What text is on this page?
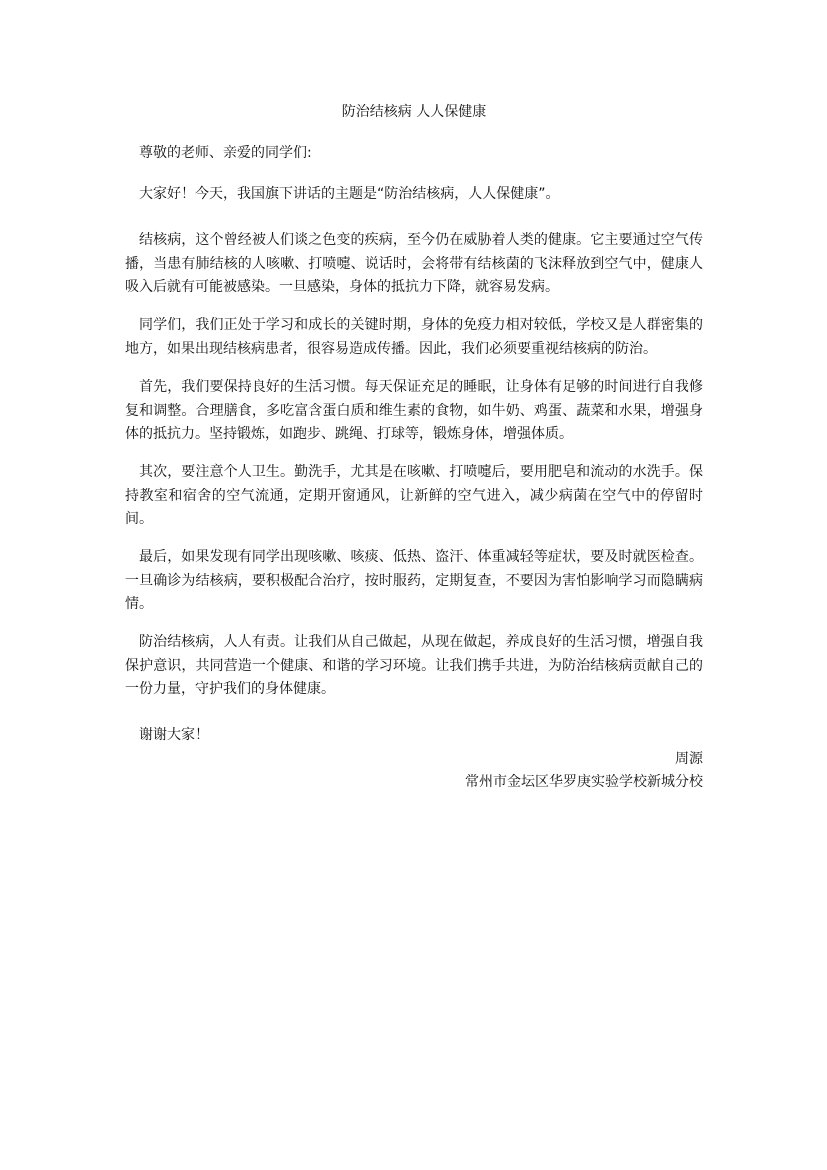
防治结核病 人人保健康

尊敬的老师、亲爱的同学们:

大家好！今天，我国旗下讲话的主题是“防治结核病，人人保健康”。

结核病，这个曾经被人们谈之色变的疾病，至今仍在威胁着人类的健康。它主要通过空气传播，当患有肺结核的人咳嗽、打喷嚏、说话时，会将带有结核菌的飞沫释放到空气中，健康人吸入后就有可能被感染。一旦感染，身体的抵抗力下降，就容易发病。

同学们，我们正处于学习和成长的关键时期，身体的免疫力相对较低，学校又是人群密集的地方，如果出现结核病患者，很容易造成传播。因此，我们必须要重视结核病的防治。

首先，我们要保持良好的生活习惯。每天保证充足的睡眠，让身体有足够的时间进行自我修复和调整。合理膳食，多吃富含蛋白质和维生素的食物，如牛奶、鸡蛋、蔬菜和水果，增强身体的抵抗力。坚持锻炼，如跑步、跳绳、打球等，锻炼身体，增强体质。

其次，要注意个人卫生。勤洗手，尤其是在咳嗽、打喷嚏后，要用肥皂和流动的水洗手。保持教室和宿舍的空气流通，定期开窗通风，让新鲜的空气进入，减少病菌在空气中的停留时间。

最后，如果发现有同学出现咳嗽、咳痰、低热、盗汗、体重减轻等症状，要及时就医检查。一旦确诊为结核病，要积极配合治疗，按时服药，定期复查，不要因为害怕影响学习而隐瞒病情。

防治结核病，人人有责。让我们从自己做起，从现在做起，养成良好的生活习惯，增强自我保护意识，共同营造一个健康、和谐的学习环境。让我们携手共进，为防治结核病贡献自己的一份力量，守护我们的身体健康。

谢谢大家！

周源
常州市金坛区华罗庚实验学校新城分校
